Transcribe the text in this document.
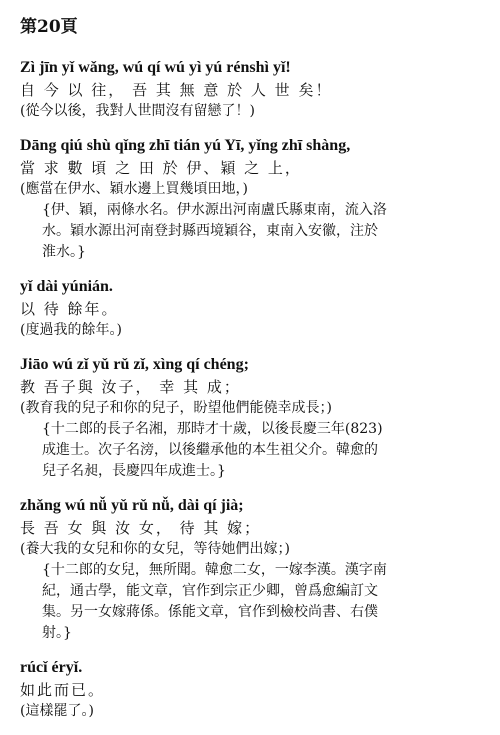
第20頁
Zì jīn yǐ wǎng, wú qí wú yì yú rénshì yǐ!
自 今 以 往， 吾 其 無 意 於 人 世 矣！
(從今以後，我對人世間沒有留戀了！)
Dāng qiú shù qǐng zhī tián yú Yī, yǐng zhī shàng,
當 求 數 頃 之 田 於 伊、穎 之 上，
(應當在伊水、穎水邊上買幾頃田地，)
{伊、穎，兩條水名。伊水源出河南盧氏縣東南，流入洛
水。穎水源出河南登封縣西境穎谷，東南入安徽，注於
淮水。}
yǐ dài yúnián.
以 待 餘年。
(度過我的餘年。)
Jiāo wú zǐ yǔ rǔ zǐ, xìng qí chéng;
教 吾子與 汝子， 幸 其 成；
(教育我的兒子和你的兒子，盼望他們能僥幸成長；)
{十二郎的長子名湘，那時才十歲，以後長慶三年(823)
成進士。次子名滂，以後繼承他的本生祖父介。韓愈的
兒子名昶，長慶四年成進士。}
zhǎng wú nǚ yǔ rǔ nǚ, dài qí jià;
長 吾 女 與 汝 女， 待 其 嫁；
(養大我的女兒和你的女兒，等待她們出嫁；)
{十二郎的女兒，無所聞。韓愈二女，一嫁李漢。漢字南
紀，通古學，能文章，官作到宗正少卿，曾爲愈編訂文
集。另一女嫁蔣係。係能文章，官作到檢校尚書、右僕
射。}
rúcǐ éryǐ.
如此而已。
(這樣罷了。)
